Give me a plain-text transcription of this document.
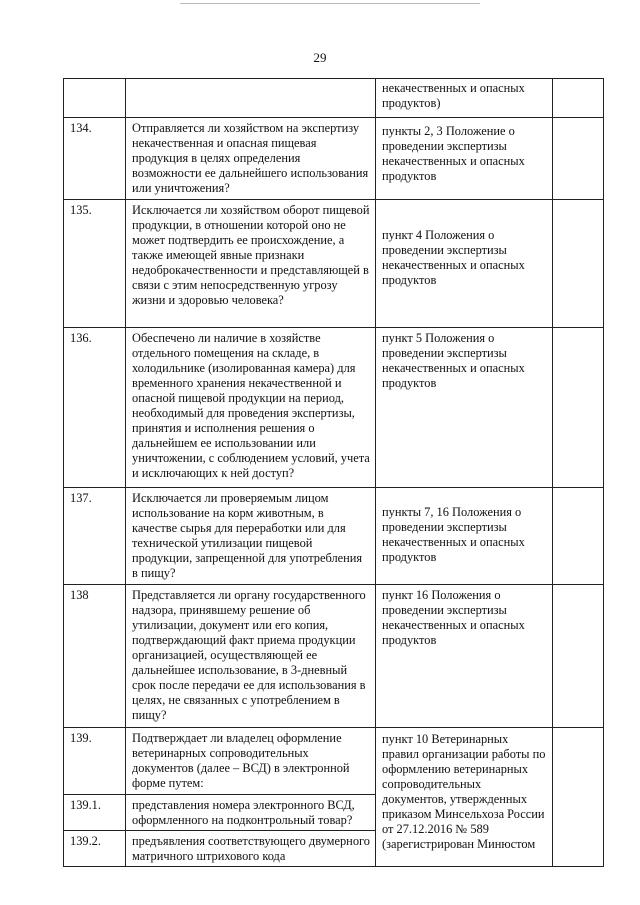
29

		некачественных и опасных продуктов)	

134.	Отправляется ли хозяйством на экспертизу некачественная и опасная пищевая продукция в целях определения возможности ее дальнейшего использования или уничтожения?	пункты 2, 3 Положение о проведении экспертизы некачественных и опасных продуктов	

135.	Исключается ли хозяйством оборот пищевой продукции, в отношении которой оно не может подтвердить ее происхождение, а также имеющей явные признаки недоброкачественности и представляющей в связи с этим непосредственную угрозу жизни и здоровью человека?	пункт 4 Положения о проведении экспертизы некачественных и опасных продуктов	

136.	Обеспечено ли наличие в хозяйстве отдельного помещения на складе, в холодильнике (изолированная камера) для временного хранения некачественной и опасной пищевой продукции на период, необходимый для проведения экспертизы, принятия и исполнения решения о дальнейшем ее использовании или уничтожении, с соблюдением условий, учета и исключающих к ней доступ?	пункт 5 Положения о проведении экспертизы некачественных и опасных продуктов	

137.	Исключается ли проверяемым лицом использование на корм животным, в качестве сырья для переработки или для технической утилизации пищевой продукции, запрещенной для употребления в пищу?	пункты 7, 16 Положения о проведении экспертизы некачественных и опасных продуктов	

138	Представляется ли органу государственного надзора, принявшему решение об утилизации, документ или его копия, подтверждающий факт приема продукции организацией, осуществляющей ее дальнейшее использование, в 3-дневный срок после передачи ее для использования в целях, не связанных с употреблением в пищу?	пункт 16 Положения о проведении экспертизы некачественных и опасных продуктов	

139.	Подтверждает ли владелец оформление ветеринарных сопроводительных документов (далее – ВСД) в электронной форме путем:	пункт 10 Ветеринарных правил организации работы по оформлению ветеринарных сопроводительных документов, утвержденных приказом Минсельхоза России от 27.12.2016 № 589 (зарегистрирован Минюстом	

139.1.	представления номера электронного ВСД, оформленного на подконтрольный товар?		
139.2.	предъявления соответствующего двумерного матричного штрихового кода		
